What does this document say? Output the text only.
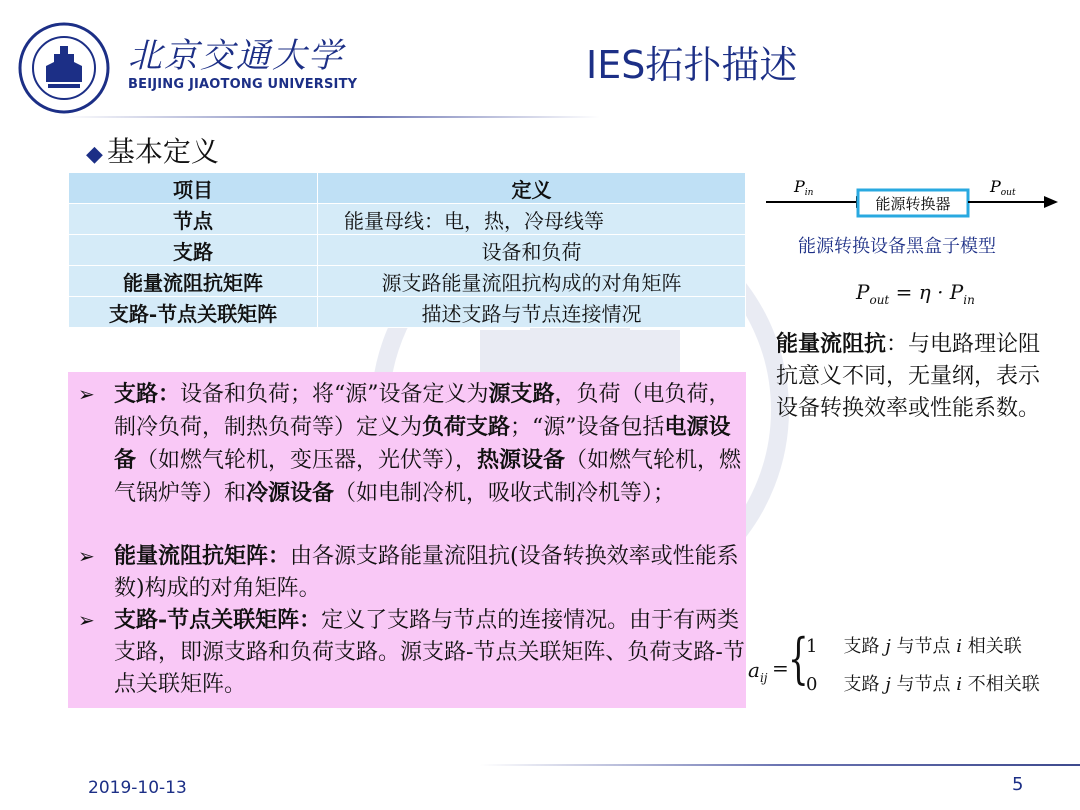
北京交通大学
BEIJING JIAOTONG UNIVERSITY	IES拓扑描述
◆ 基本定义
项目	定义
节点	能量母线：电，热，冷母线等
支路	设备和负荷
能量流阻抗矩阵	源支路能量流阻抗构成的对角矩阵
支路-节点关联矩阵	描述支路与节点连接情况
➢ 支路：设备和负荷；将“源”设备定义为源支路，负荷（电负荷，制冷负荷，制热负荷等）定义为负荷支路；“源”设备包括电源设备（如燃气轮机，变压器，光伏等），热源设备（如燃气轮机，燃气锅炉等）和冷源设备（如电制冷机，吸收式制冷机等）；
➢ 能量流阻抗矩阵：由各源支路能量流阻抗(设备转换效率或性能系数)构成的对角矩阵。
➢ 支路-节点关联矩阵：定义了支路与节点的连接情况。由于有两类支路，即源支路和负荷支路。源支路-节点关联矩阵、负荷支路-节点关联矩阵。
能源转换器
Pin	Pout
能源转换设备黑盒子模型
$P_{out} = \eta \cdot P_{in}$
能量流阻抗：与电路理论阻抗意义不同，无量纲，表示设备转换效率或性能系数。
$a_{ij}$ = {
1 支路 j 与节点 i 相关联
0 支路 j 与节点 i 不相关联
2019-10-13	5
